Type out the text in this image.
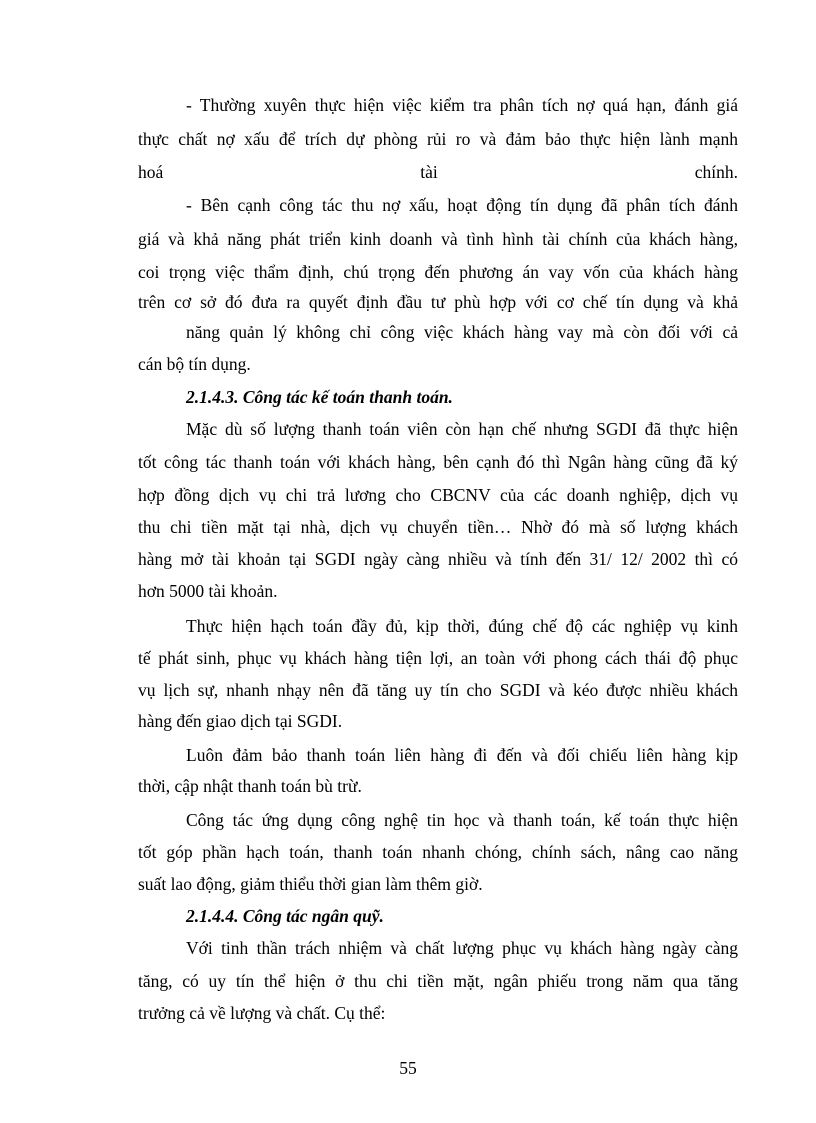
- Thường xuyên thực hiện việc kiểm tra phân tích nợ quá hạn, đánh giá
thực chất nợ xấu để trích dự phòng rủi ro và đảm bảo thực hiện lành mạnh
hoá tài chính.
- Bên cạnh công tác thu nợ xấu, hoạt động tín dụng đã phân tích đánh
giá và khả năng phát triển kinh doanh và tình hình tài chính của khách hàng,
coi trọng việc thẩm định, chú trọng đến phương án vay vốn của khách hàng
trên cơ sở đó đưa ra quyết định đầu tư phù hợp với cơ chế tín dụng và khả
năng quản lý không chỉ công việc khách hàng vay mà còn đối với cả
cán bộ tín dụng.
2.1.4.3. Công tác kế toán thanh toán.
Mặc dù số lượng thanh toán viên còn hạn chế nhưng SGDI đã thực hiện
tốt công tác thanh toán với khách hàng, bên cạnh đó thì Ngân hàng cũng đã ký
hợp đồng dịch vụ chi trả lương cho CBCNV của các doanh nghiệp, dịch vụ
thu chi tiền mặt tại nhà, dịch vụ chuyển tiền… Nhờ đó mà số lượng khách
hàng mở tài khoản tại SGDI ngày càng nhiều và tính đến 31/ 12/ 2002 thì có
hơn 5000 tài khoản.
Thực hiện hạch toán đầy đủ, kịp thời, đúng chế độ các nghiệp vụ kinh
tế phát sinh, phục vụ khách hàng tiện lợi, an toàn với phong cách thái độ phục
vụ lịch sự, nhanh nhạy nên đã tăng uy tín cho SGDI và kéo được nhiều khách
hàng đến giao dịch tại SGDI.
Luôn đảm bảo thanh toán liên hàng đi đến và đối chiếu liên hàng kịp
thời, cập nhật thanh toán bù trừ.
Công tác ứng dụng công nghệ tin học và thanh toán, kế toán thực hiện
tốt góp phần hạch toán, thanh toán nhanh chóng, chính sách, nâng cao năng
suất lao động, giảm thiểu thời gian làm thêm giờ.
2.1.4.4. Công tác ngân quỹ.
Với tinh thần trách nhiệm và chất lượng phục vụ khách hàng ngày càng
tăng, có uy tín thể hiện ở thu chi tiền mặt, ngân phiếu trong năm qua tăng
trưởng cả về lượng và chất. Cụ thể:
55
